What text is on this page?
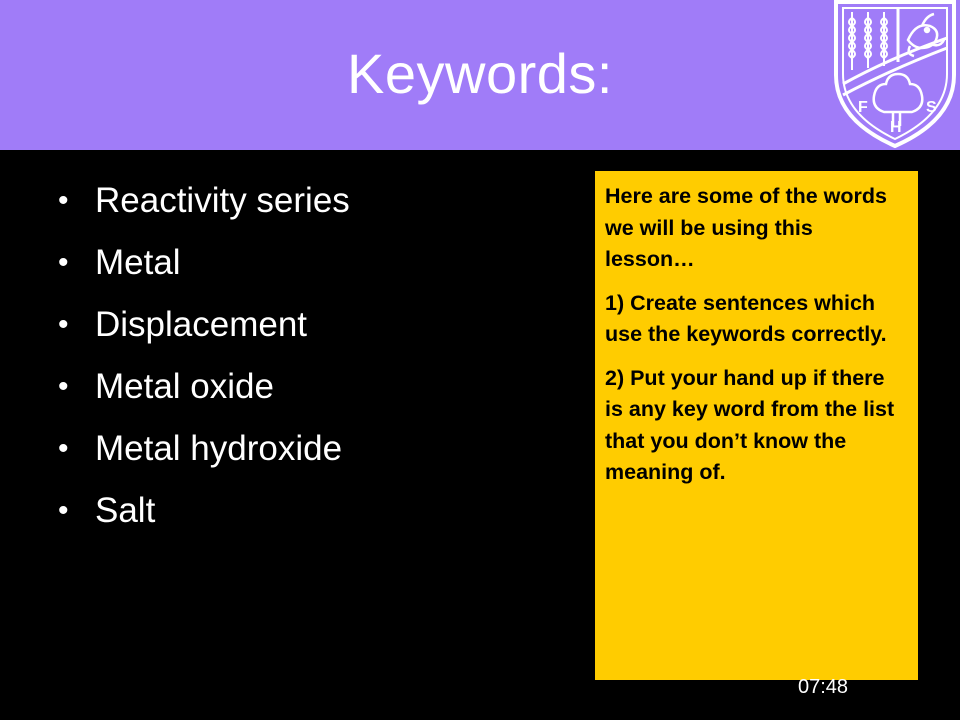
Keywords:
F	S
H
• Reactivity series
• Metal
• Displacement
• Metal oxide
• Metal hydroxide
• Salt

Here are some of the words we will be using this lesson…

1) Create sentences which use the keywords correctly.

2) Put your hand up if there is any key word from the list that you don’t know the meaning of.

07:48
